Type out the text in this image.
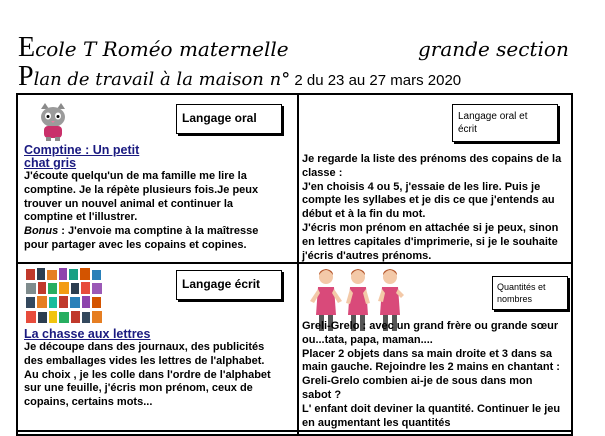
Ecole T Roméo maternelle	grande section
Plan de travail à la maison n° 2 du 23 au 27 mars 2020
Langage oral
Comptine : Un petit
chat gris

J'écoute quelqu'un de ma famille me lire la

comptine. Je la répète plusieurs fois.Je peux

trouver un nouvel animal et continuer la

comptine et l'illustrer.

Bonus : J'envoie ma comptine à la maîtresse

pour partager avec les copains et copines.

Langage oral et
écrit

Je regarde la liste des prénoms des copains de la

classe :

J'en choisis 4 ou 5, j'essaie de les lire. Puis je

compte les syllabes et je dis ce que j'entends au

début et à la fin du mot.

J'écris mon prénom en attachée si je peux, sinon

en lettres capitales d'imprimerie, si je le souhaite

j'écris d'autres prénoms.

Langage écrit
La chasse aux lettres

Je découpe dans des journaux, des publicités

des emballages vides les lettres de l'alphabet.

Au choix , je les colle dans l'ordre de l'alphabet

sur une feuille, j'écris mon prénom, ceux de

copains, certains mots...

Quantités et
nombres

Greli-Grelo : avec un grand frère ou grande sœur

ou...tata, papa, maman....

Placer 2 objets dans sa main droite et 3 dans sa

main gauche. Rejoindre les 2 mains en chantant :

Greli-Grelo combien ai-je de sous dans mon

sabot ?

L' enfant doit deviner la quantité. Continuer le jeu

en augmentant les quantités
